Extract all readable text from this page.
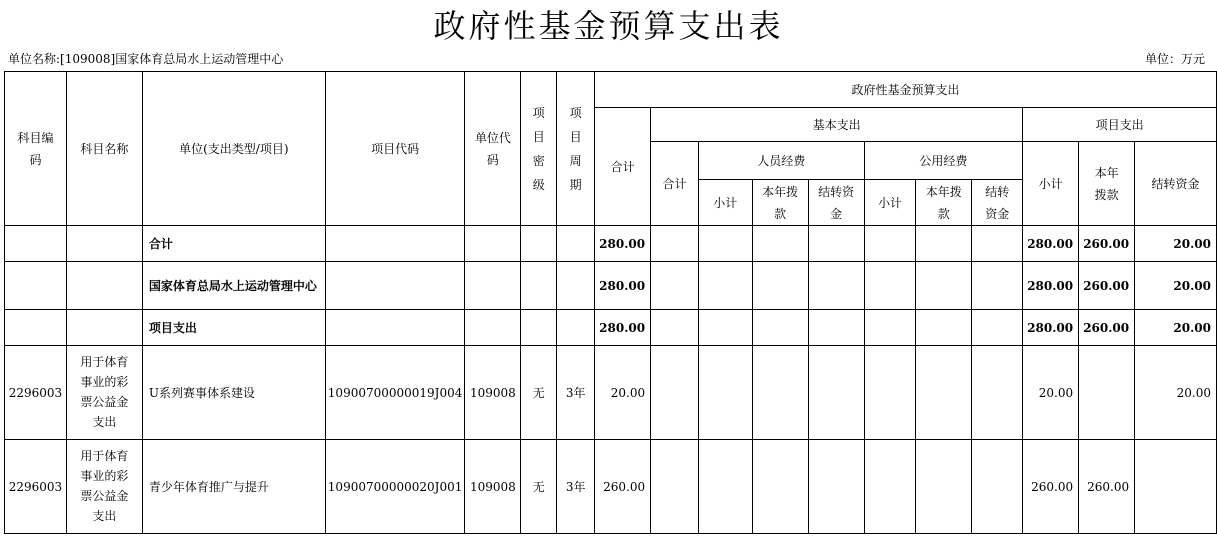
政府性基金预算支出表
单位名称:[109008]国家体育总局水上运动管理中心	单位：万元
科目编码	科目名称	单位(支出类型/项目)	项目代码	单位代码	项目密级	项目周期	政府性基金预算支出										
							合计	基本支出							项目支出		
								合计	人员经费			公用经费			小计	本年拨款	结转资金
									小计	本年拨款	结转资金	小计	本年拨款	结转资金			
		合计					280.00								280.00	260.00	20.00
		国家体育总局水上运动管理中心					280.00								280.00	260.00	20.00
		项目支出					280.00								280.00	260.00	20.00
2296003	用于体育事业的彩票公益金支出	U系列赛事体系建设	10900700000019J004	109008	无	3年	20.00								20.00		20.00
2296003	用于体育事业的彩票公益金支出	青少年体育推广与提升	10900700000020J001	109008	无	3年	260.00								260.00	260.00	
